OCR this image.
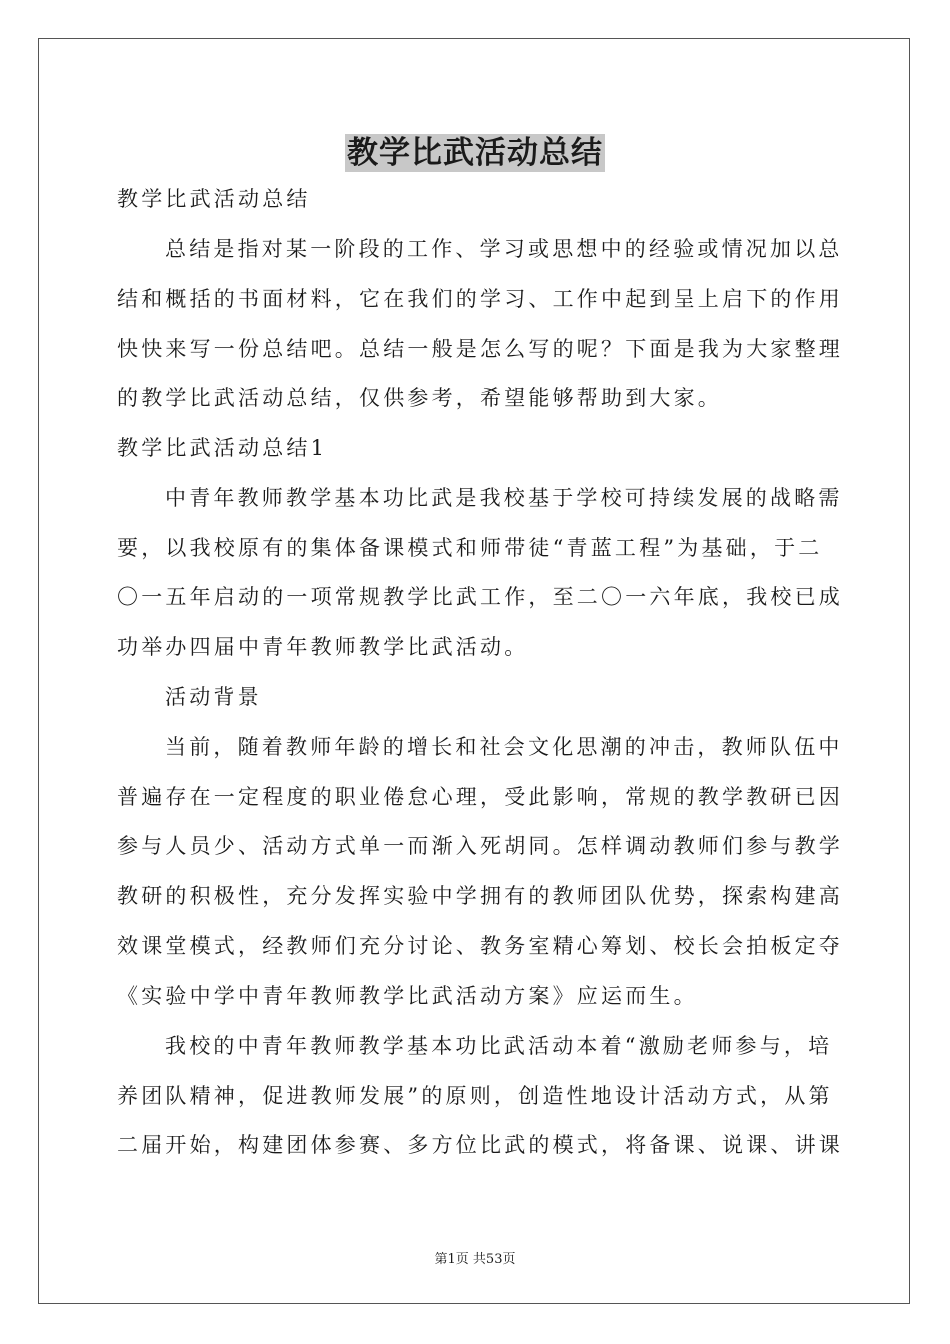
教学比武活动总结
教学比武活动总结
总结是指对某一阶段的工作、学习或思想中的经验或情况加以总
结和概括的书面材料，它在我们的学习、工作中起到呈上启下的作用
快快来写一份总结吧。总结一般是怎么写的呢？下面是我为大家整理
的教学比武活动总结，仅供参考，希望能够帮助到大家。
教学比武活动总结1
中青年教师教学基本功比武是我校基于学校可持续发展的战略需
要，以我校原有的集体备课模式和师带徒“青蓝工程”为基础，于二
〇一五年启动的一项常规教学比武工作，至二〇一六年底，我校已成
功举办四届中青年教师教学比武活动。
活动背景
当前，随着教师年龄的增长和社会文化思潮的冲击，教师队伍中
普遍存在一定程度的职业倦怠心理，受此影响，常规的教学教研已因
参与人员少、活动方式单一而渐入死胡同。怎样调动教师们参与教学
教研的积极性，充分发挥实验中学拥有的教师团队优势，探索构建高
效课堂模式，经教师们充分讨论、教务室精心筹划、校长会拍板定夺
《实验中学中青年教师教学比武活动方案》应运而生。
我校的中青年教师教学基本功比武活动本着“激励老师参与，培
养团队精神，促进教师发展”的原则，创造性地设计活动方式，从第
二届开始，构建团体参赛、多方位比武的模式，将备课、说课、讲课
第1页 共53页
